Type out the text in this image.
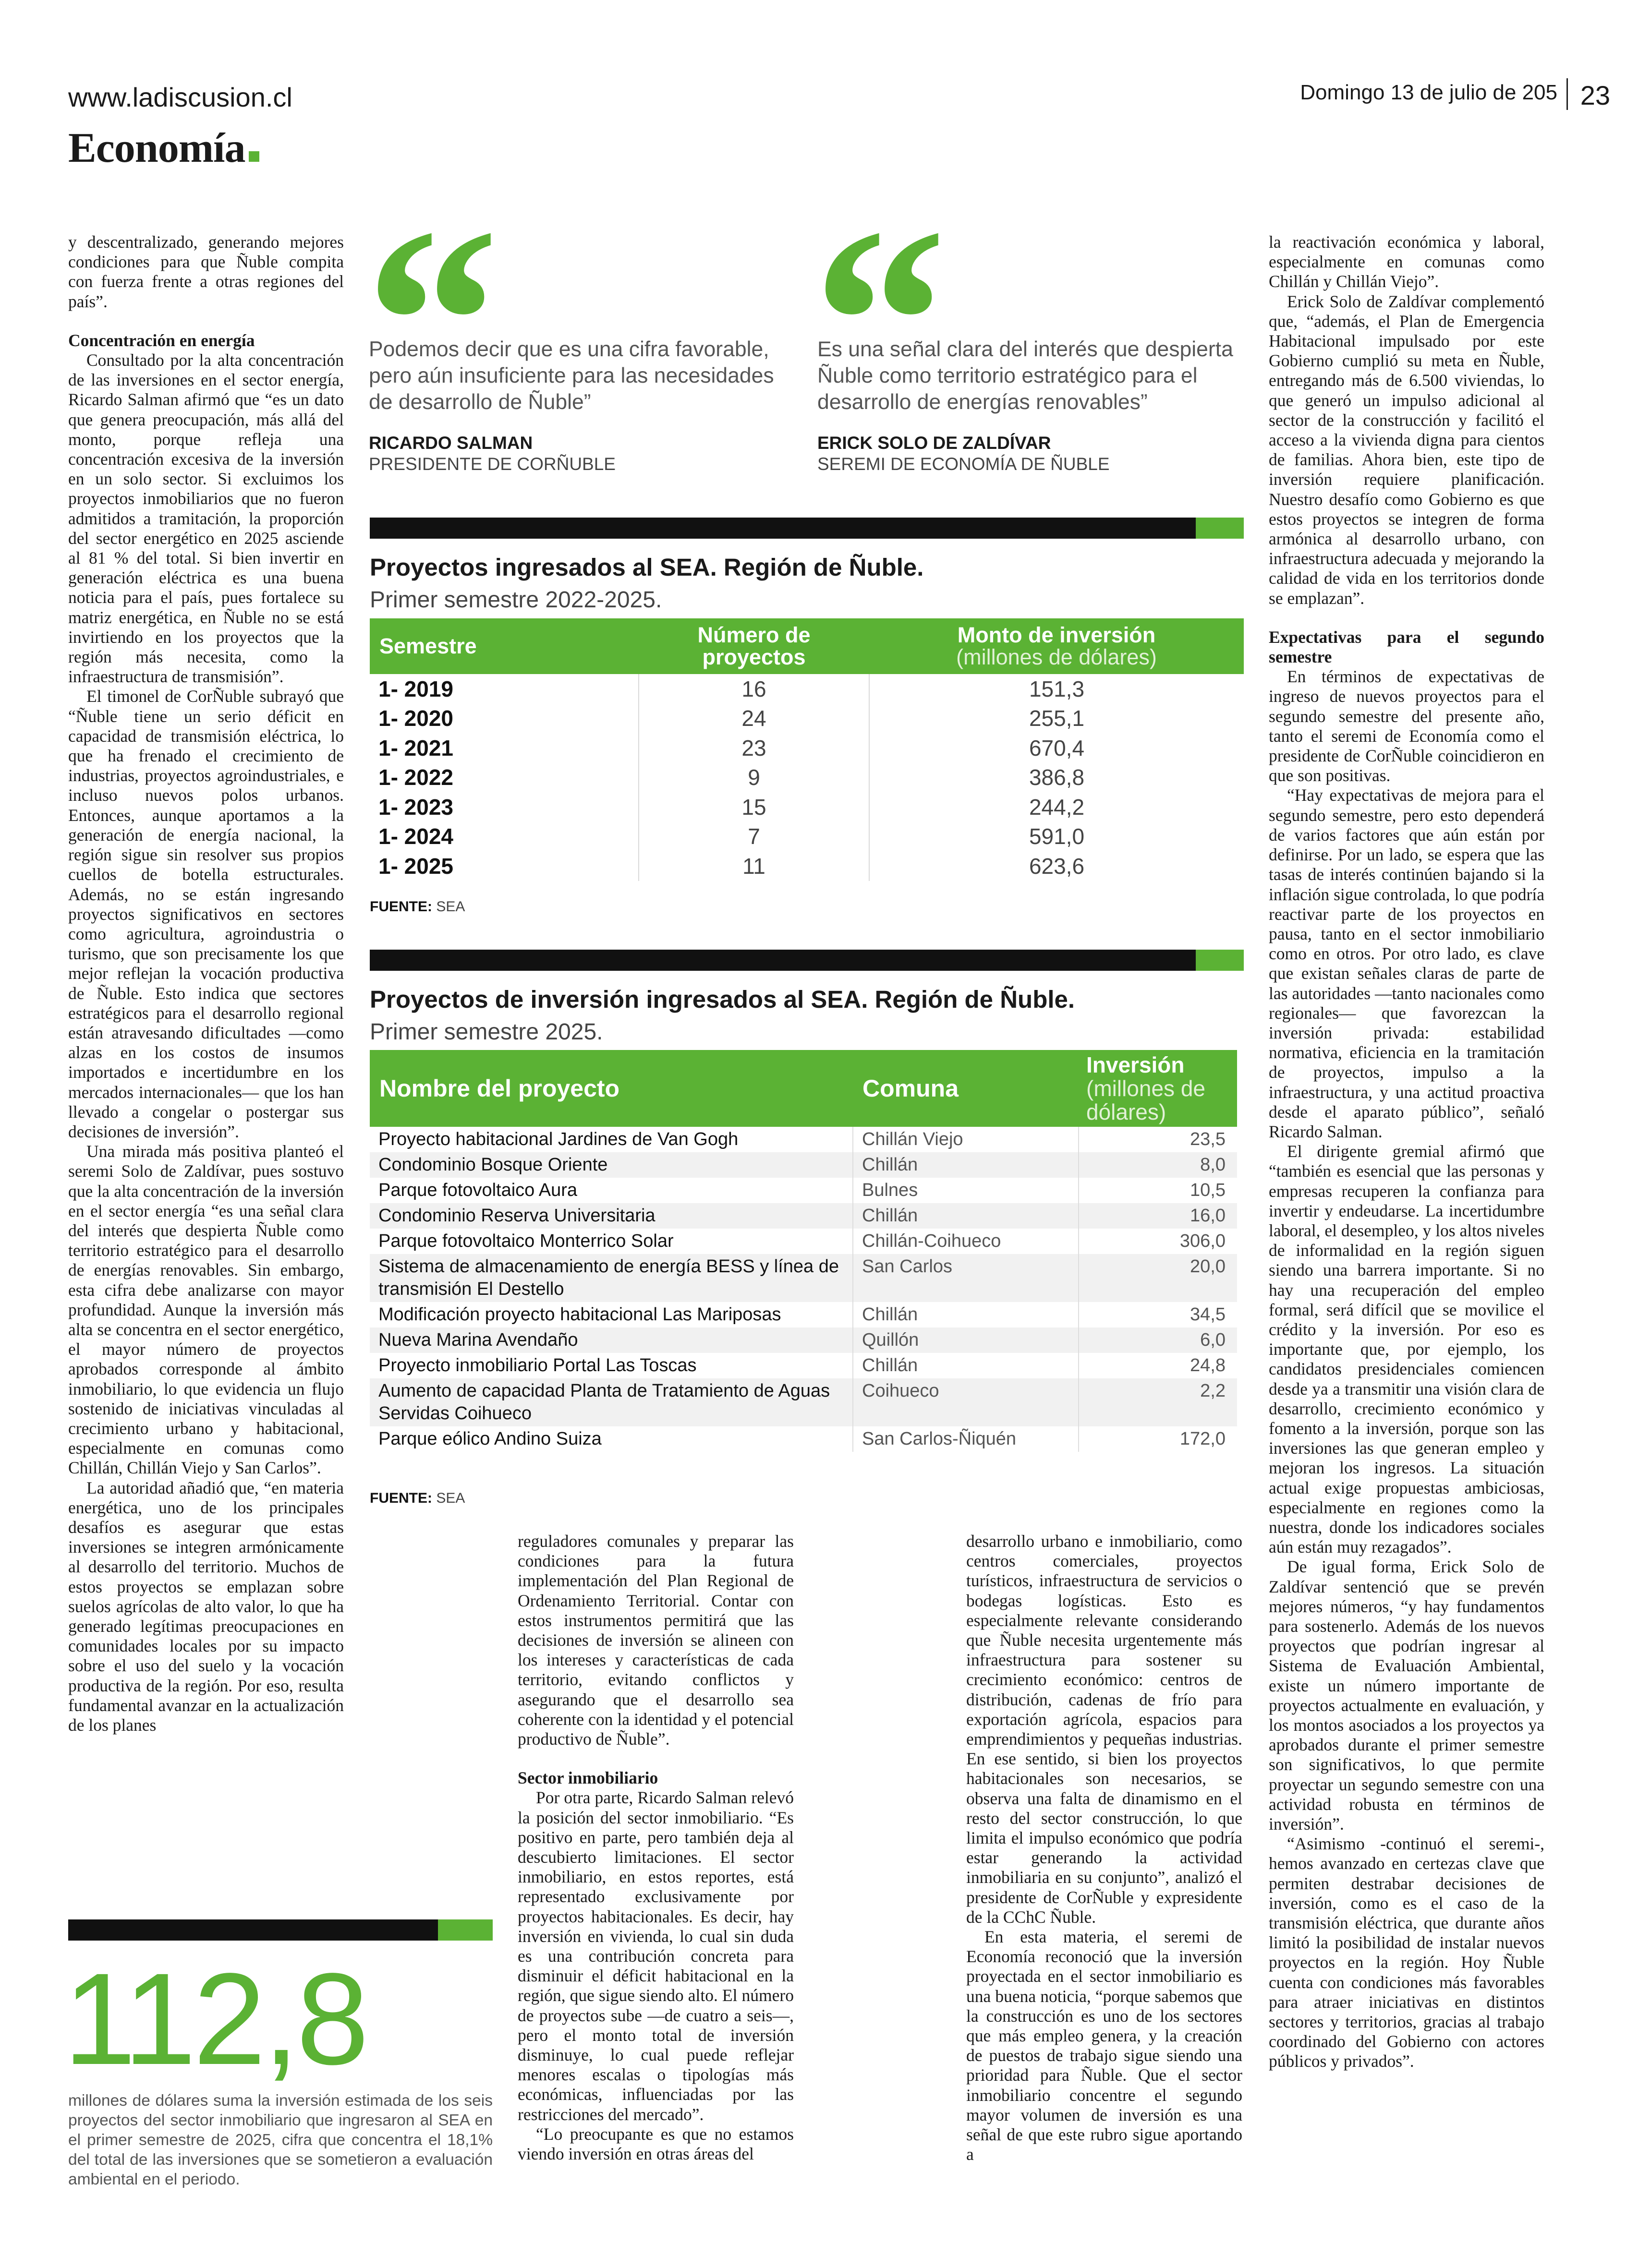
www.ladiscusion.cl	Domingo 13 de julio de 205 23
Economía

y descentralizado, generando mejores condiciones para que Ñuble compita con fuerza frente a otras regiones del país”.

Concentración en energía

Consultado por la alta concentración de las inversiones en el sector energía, Ricardo Salman afirmó que “es un dato que genera preocupación, más allá del monto, porque refleja una concentración excesiva de la inversión en un solo sector. Si excluimos los proyectos inmobiliarios que no fueron admitidos a tramitación, la proporción del sector energético en 2025 asciende al 81 % del total. Si bien invertir en generación eléctrica es una buena noticia para el país, pues fortalece su matriz energética, en Ñuble no se está invirtiendo en los proyectos que la región más necesita, como la infraestructura de transmisión”.

El timonel de CorÑuble subrayó que “Ñuble tiene un serio déficit en capacidad de transmisión eléctrica, lo que ha frenado el crecimiento de industrias, proyectos agroindustriales, e incluso nuevos polos urbanos. Entonces, aunque aportamos a la generación de energía nacional, la región sigue sin resolver sus propios cuellos de botella estructurales. Además, no se están ingresando proyectos significativos en sectores como agricultura, agroindustria o turismo, que son precisamente los que mejor reflejan la vocación productiva de Ñuble. Esto indica que sectores estratégicos para el desarrollo regional están atravesando dificultades —como alzas en los costos de insumos importados e incertidumbre en los mercados internacionales— que los han llevado a congelar o postergar sus decisiones de inversión”.

Una mirada más positiva planteó el seremi Solo de Zaldívar, pues sostuvo que la alta concentración de la inversión en el sector energía “es una señal clara del interés que despierta Ñuble como territorio estratégico para el desarrollo de energías renovables. Sin embargo, esta cifra debe analizarse con mayor profundidad. Aunque la inversión más alta se concentra en el sector energético, el mayor número de proyectos aprobados corresponde al ámbito inmobiliario, lo que evidencia un flujo sostenido de iniciativas vinculadas al crecimiento urbano y habitacional, especialmente en comunas como Chillán, Chillán Viejo y San Carlos”.

La autoridad añadió que, “en materia energética, uno de los principales desafíos es asegurar que estas inversiones se integren armónicamente al desarrollo del territorio. Muchos de estos proyectos se emplazan sobre suelos agrícolas de alto valor, lo que ha generado legítimas preocupaciones en comunidades locales por su impacto sobre el uso del suelo y la vocación productiva de la región. Por eso, resulta fundamental avanzar en la actualización de los planes

Podemos decir que es una cifra favorable, pero aún insuficiente para las necesidades de desarrollo de Ñuble”
RICARDO SALMAN
PRESIDENTE DE CORÑUBLE
Es una señal clara del interés que despierta Ñuble como territorio estratégico para el desarrollo de energías renovables”
ERICK SOLO DE ZALDÍVAR
SEREMI DE ECONOMÍA DE ÑUBLE
Proyectos ingresados al SEA. Región de Ñuble.
Primer semestre 2022-2025.
Semestre	Número de proyectos	Monto de inversión
(millones de dólares)

1- 2019	16	151,3
1- 2020	24	255,1
1- 2021	23	670,4
1- 2022	9	386,8
1- 2023	15	244,2
1- 2024	7	591,0
1- 2025	11	623,6
FUENTE: SEA
Proyectos de inversión ingresados al SEA. Región de Ñuble.
Primer semestre 2025.
Nombre del proyecto	Comuna	Inversión
(millones de dólares)

Proyecto habitacional Jardines de Van Gogh	Chillán Viejo	23,5
Condominio Bosque Oriente	Chillán	8,0
Parque fotovoltaico Aura	Bulnes	10,5
Condominio Reserva Universitaria	Chillán	16,0
Parque fotovoltaico Monterrico Solar	Chillán-Coihueco	306,0
Sistema de almacenamiento de energía BESS y línea de transmisión El Destello	San Carlos	20,0
Modificación proyecto habitacional Las Mariposas	Chillán	34,5
Nueva Marina Avendaño	Quillón	6,0
Proyecto inmobiliario Portal Las Toscas	Chillán	24,8
Aumento de capacidad Planta de Tratamiento de Aguas Servidas Coihueco	Coihueco	2,2
Parque eólico Andino Suiza	San Carlos-Ñiquén	172,0
FUENTE: SEA

reguladores comunales y preparar las condiciones para la futura implementación del Plan Regional de Ordenamiento Territorial. Contar con estos instrumentos permitirá que las decisiones de inversión se alineen con los intereses y características de cada territorio, evitando conflictos y asegurando que el desarrollo sea coherente con la identidad y el potencial productivo de Ñuble”.

Sector inmobiliario

Por otra parte, Ricardo Salman relevó la posición del sector inmobiliario. “Es positivo en parte, pero también deja al descubierto limitaciones. El sector inmobiliario, en estos reportes, está representado exclusivamente por proyectos habitacionales. Es decir, hay inversión en vivienda, lo cual sin duda es una contribución concreta para disminuir el déficit habitacional en la región, que sigue siendo alto. El número de proyectos sube —de cuatro a seis—, pero el monto total de inversión disminuye, lo cual puede reflejar menores escalas o tipologías más económicas, influenciadas por las restricciones del mercado”.

“Lo preocupante es que no estamos viendo inversión en otras áreas del

desarrollo urbano e inmobiliario, como centros comerciales, proyectos turísticos, infraestructura de servicios o bodegas logísticas. Esto es especialmente relevante considerando que Ñuble necesita urgentemente más infraestructura para sostener su crecimiento económico: centros de distribución, cadenas de frío para exportación agrícola, espacios para emprendimientos y pequeñas industrias. En ese sentido, si bien los proyectos habitacionales son necesarios, se observa una falta de dinamismo en el resto del sector construcción, lo que limita el impulso económico que podría estar generando la actividad inmobiliaria en su conjunto”, analizó el presidente de CorÑuble y expresidente de la CChC Ñuble.

En esta materia, el seremi de Economía reconoció que la inversión proyectada en el sector inmobiliario es una buena noticia, “porque sabemos que la construcción es uno de los sectores que más empleo genera, y la creación de puestos de trabajo sigue siendo una prioridad para Ñuble. Que el sector inmobiliario concentre el segundo mayor volumen de inversión es una señal de que este rubro sigue aportando a

la reactivación económica y laboral, especialmente en comunas como Chillán y Chillán Viejo”.

Erick Solo de Zaldívar complementó que, “además, el Plan de Emergencia Habitacional impulsado por este Gobierno cumplió su meta en Ñuble, entregando más de 6.500 viviendas, lo que generó un impulso adicional al sector de la construcción y facilitó el acceso a la vivienda digna para cientos de familias. Ahora bien, este tipo de inversión requiere planificación. Nuestro desafío como Gobierno es que estos proyectos se integren de forma armónica al desarrollo urbano, con infraestructura adecuada y mejorando la calidad de vida en los territorios donde se emplazan”.

Expectativas para el segundo semestre

En términos de expectativas de ingreso de nuevos proyectos para el segundo semestre del presente año, tanto el seremi de Economía como el presidente de CorÑuble coincidieron en que son positivas.

“Hay expectativas de mejora para el segundo semestre, pero esto dependerá de varios factores que aún están por definirse. Por un lado, se espera que las tasas de interés continúen bajando si la inflación sigue controlada, lo que podría reactivar parte de los proyectos en pausa, tanto en el sector inmobiliario como en otros. Por otro lado, es clave que existan señales claras de parte de las autoridades —tanto nacionales como regionales— que favorezcan la inversión privada: estabilidad normativa, eficiencia en la tramitación de proyectos, impulso a la infraestructura, y una actitud proactiva desde el aparato público”, señaló Ricardo Salman.

El dirigente gremial afirmó que “también es esencial que las personas y empresas recuperen la confianza para invertir y endeudarse. La incertidumbre laboral, el desempleo, y los altos niveles de informalidad en la región siguen siendo una barrera importante. Si no hay una recuperación del empleo formal, será difícil que se movilice el crédito y la inversión. Por eso es importante que, por ejemplo, los candidatos presidenciales comiencen desde ya a transmitir una visión clara de desarrollo, crecimiento económico y fomento a la inversión, porque son las inversiones las que generan empleo y mejoran los ingresos. La situación actual exige propuestas ambiciosas, especialmente en regiones como la nuestra, donde los indicadores sociales aún están muy rezagados”.

De igual forma, Erick Solo de Zaldívar sentenció que se prevén mejores números, “y hay fundamentos para sostenerlo. Además de los nuevos proyectos que podrían ingresar al Sistema de Evaluación Ambiental, existe un número importante de proyectos actualmente en evaluación, y los montos asociados a los proyectos ya aprobados durante el primer semestre son significativos, lo que permite proyectar un segundo semestre con una actividad robusta en términos de inversión”.

“Asimismo -continuó el seremi-, hemos avanzado en certezas clave que permiten destrabar decisiones de inversión, como es el caso de la transmisión eléctrica, que durante años limitó la posibilidad de instalar nuevos proyectos en la región. Hoy Ñuble cuenta con condiciones más favorables para atraer iniciativas en distintos sectores y territorios, gracias al trabajo coordinado del Gobierno con actores públicos y privados”.

112,8
millones de dólares suma la inversión estimada de los seis proyectos del sector inmobiliario que ingresaron al SEA en el primer semestre de 2025, cifra que concentra el 18,1% del total de las inversiones que se sometieron a evaluación ambiental en el periodo.
